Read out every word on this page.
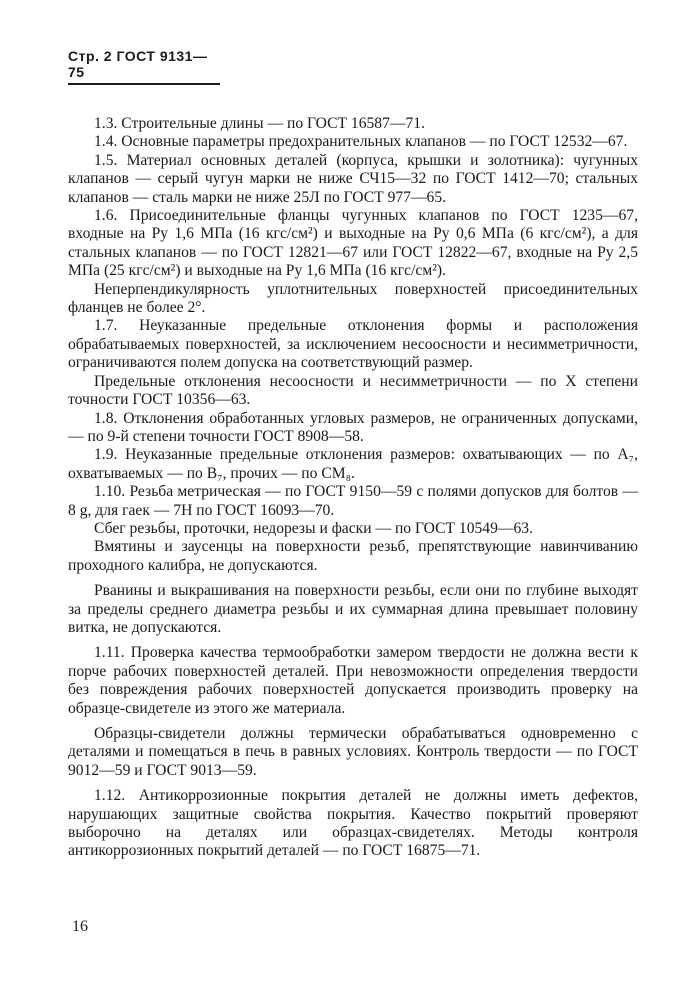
Стр. 2 ГОСТ 9131—75

1.3. Строительные длины — по ГОСТ 16587—71.

1.4. Основные параметры предохранительных клапанов — по ГОСТ 12532—67.

1.5. Материал основных деталей (корпуса, крышки и золотника): чугунных клапанов — серый чугун марки не ниже СЧ15—32 по ГОСТ 1412—70; стальных клапанов — сталь марки не ниже 25Л по ГОСТ 977—65.

1.6. Присоединительные фланцы чугунных клапанов по ГОСТ 1235—67, входные на Pу 1,6 МПа (16 кгс/см²) и выходные на Pу 0,6 МПа (6 кгс/см²), а для стальных клапанов — по ГОСТ 12821—67 или ГОСТ 12822—67, входные на Pу 2,5 МПа (25 кгс/см²) и выходные на Pу 1,6 МПа (16 кгс/см²).

Неперпендикулярность уплотнительных поверхностей присоединительных фланцев не более 2°.

1.7. Неуказанные предельные отклонения формы и расположения обрабатываемых поверхностей, за исключением несоосности и несимметричности, ограничиваются полем допуска на соответствующий размер.

Предельные отклонения несоосности и несимметричности — по X степени точности ГОСТ 10356—63.

1.8. Отклонения обработанных угловых размеров, не ограниченных допусками, — по 9-й степени точности ГОСТ 8908—58.

1.9. Неуказанные предельные отклонения размеров: охватывающих — по A₇, охватываемых — по B₇, прочих — по CM₈.

1.10. Резьба метрическая — по ГОСТ 9150—59 с полями допусков для болтов — 8 g, для гаек — 7H по ГОСТ 16093—70.

Сбег резьбы, проточки, недорезы и фаски — по ГОСТ 10549—63.

Вмятины и заусенцы на поверхности резьб, препятствующие навинчиванию проходного калибра, не допускаются.

Рванины и выкрашивания на поверхности резьбы, если они по глубине выходят за пределы среднего диаметра резьбы и их суммарная длина превышает половину витка, не допускаются.

1.11. Проверка качества термообработки замером твердости не должна вести к порче рабочих поверхностей деталей. При невозможности определения твердости без повреждения рабочих поверхностей допускается производить проверку на образце-свидетеле из этого же материала.

Образцы-свидетели должны термически обрабатываться одновременно с деталями и помещаться в печь в равных условиях. Контроль твердости — по ГОСТ 9012—59 и ГОСТ 9013—59.

1.12. Антикоррозионные покрытия деталей не должны иметь дефектов, нарушающих защитные свойства покрытия. Качество покрытий проверяют выборочно на деталях или образцах-свидетелях. Методы контроля антикоррозионных покрытий деталей — по ГОСТ 16875—71.

16
